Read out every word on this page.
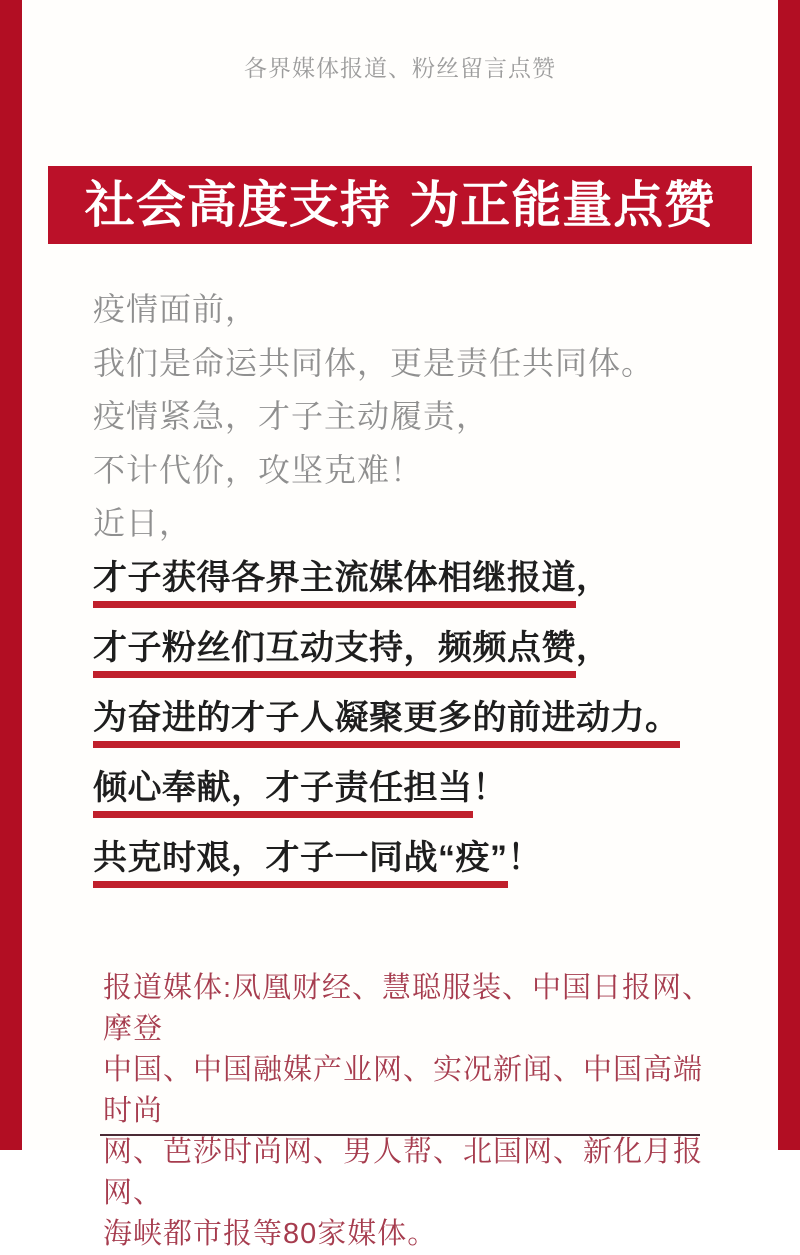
各界媒体报道、粉丝留言点赞
社会高度支持 为正能量点赞
疫情面前，
我们是命运共同体，更是责任共同体。
疫情紧急，才子主动履责，
不计代价，攻坚克难！
近日，
才子获得各界主流媒体相继报道，
才子粉丝们互动支持，频频点赞，
为奋进的才子人凝聚更多的前进动力。
倾心奉献，才子责任担当！
共克时艰，才子一同战“疫”！
报道媒体:凤凰财经、慧聪服装、中国日报网、摩登
中国、中国融媒产业网、实况新闻、中国高端时尚
网、芭莎时尚网、男人帮、北国网、新化月报网、
海峡都市报等80家媒体。
